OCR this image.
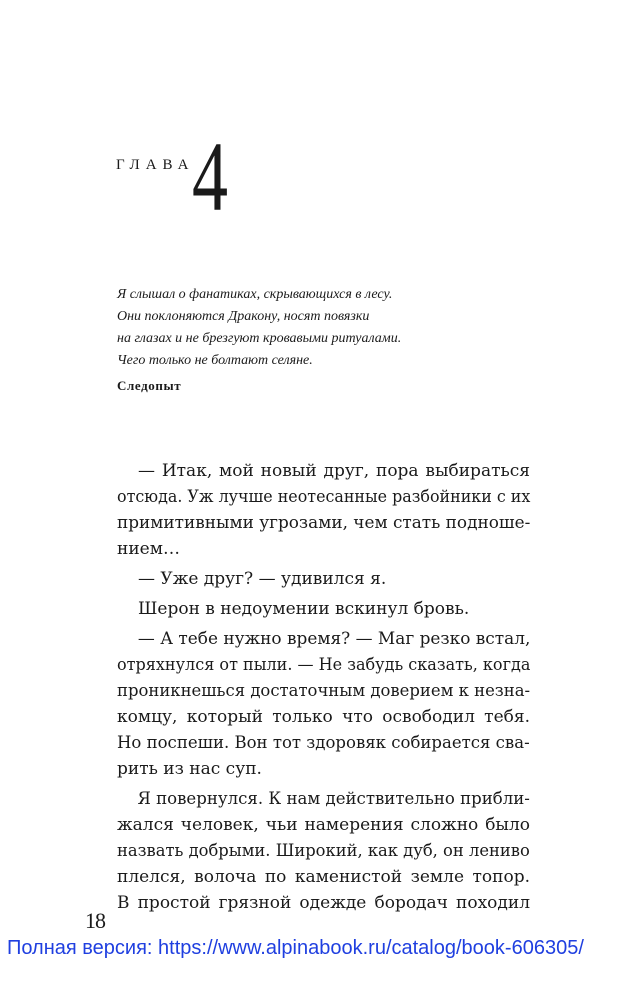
ГЛАВА
4
Я слышал о фанатиках, скрывающихся в лесу.
Они поклоняются Дракону, носят повязки
на глазах и не брезгуют кровавыми ритуалами.
Чего только не болтают селяне.
Следопыт
— Итак, мой новый друг, пора выбираться
отсюда. Уж лучше неотесанные разбойники с их
примитивными угрозами, чем стать подноше-
нием…
— Уже друг? — удивился я.
Шерон в недоумении вскинул бровь.
— А тебе нужно время? — Маг резко встал,
отряхнулся от пыли. — Не забудь сказать, когда
проникнешься достаточным доверием к незна-
комцу, который только что освободил тебя.
Но поспеши. Вон тот здоровяк собирается сва-
рить из нас суп.
Я повернулся. К нам действительно прибли-
жался человек, чьи намерения сложно было
назвать добрыми. Широкий, как дуб, он лениво
плелся, волоча по каменистой земле топор.
В простой грязной одежде бородач походил
18
Полная версия: https://www.alpinabook.ru/catalog/book-606305/
